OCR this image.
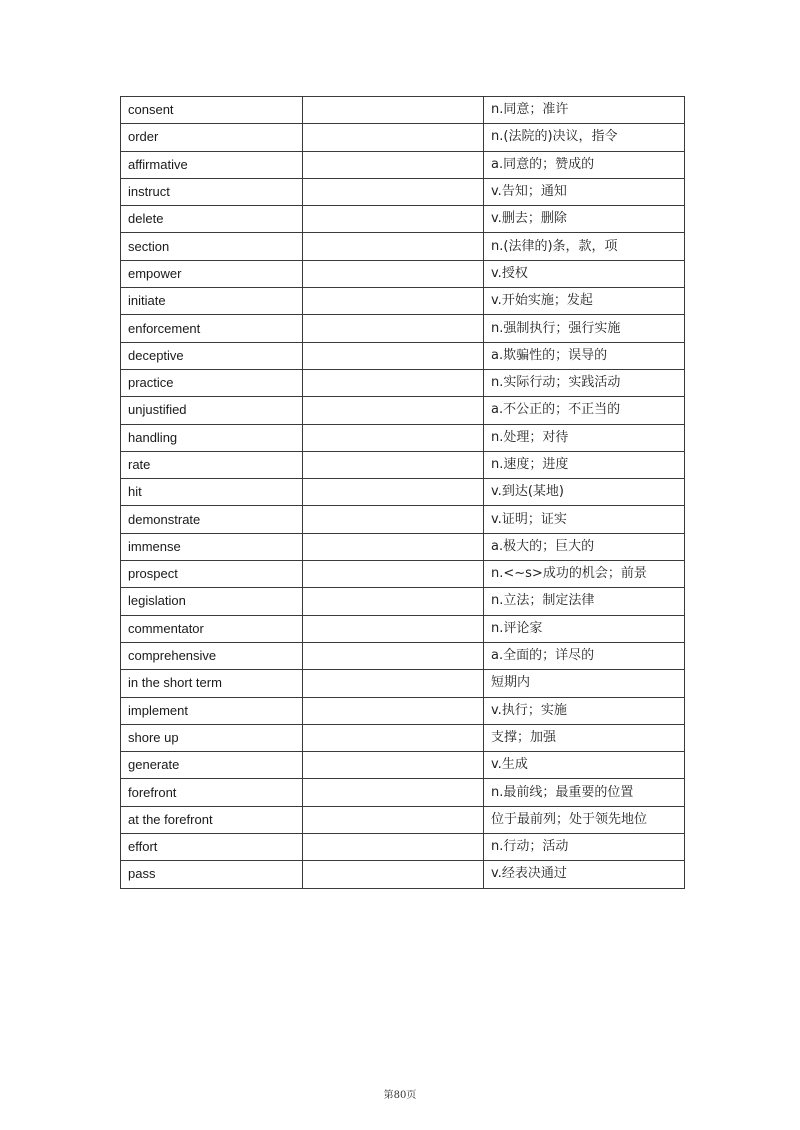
consent		n.同意；准许
order		n.(法院的)决议，指令
affirmative		a.同意的；赞成的
instruct		v.告知；通知
delete		v.删去；删除
section		n.(法律的)条，款，项
empower		v.授权
initiate		v.开始实施；发起
enforcement		n.强制执行；强行实施
deceptive		a.欺骗性的；误导的
practice		n.实际行动；实践活动
unjustified		a.不公正的；不正当的
handling		n.处理；对待
rate		n.速度；进度
hit		v.到达(某地)
demonstrate		v.证明；证实
immense		a.极大的；巨大的
prospect		n.<~s>成功的机会；前景
legislation		n.立法；制定法律
commentator		n.评论家
comprehensive		a.全面的；详尽的
in the short term		短期内
implement		v.执行；实施
shore up		支撑；加强
generate		v.生成
forefront		n.最前线；最重要的位置
at the forefront		位于最前列；处于领先地位
effort		n.行动；活动
pass		v.经表决通过
第80页
